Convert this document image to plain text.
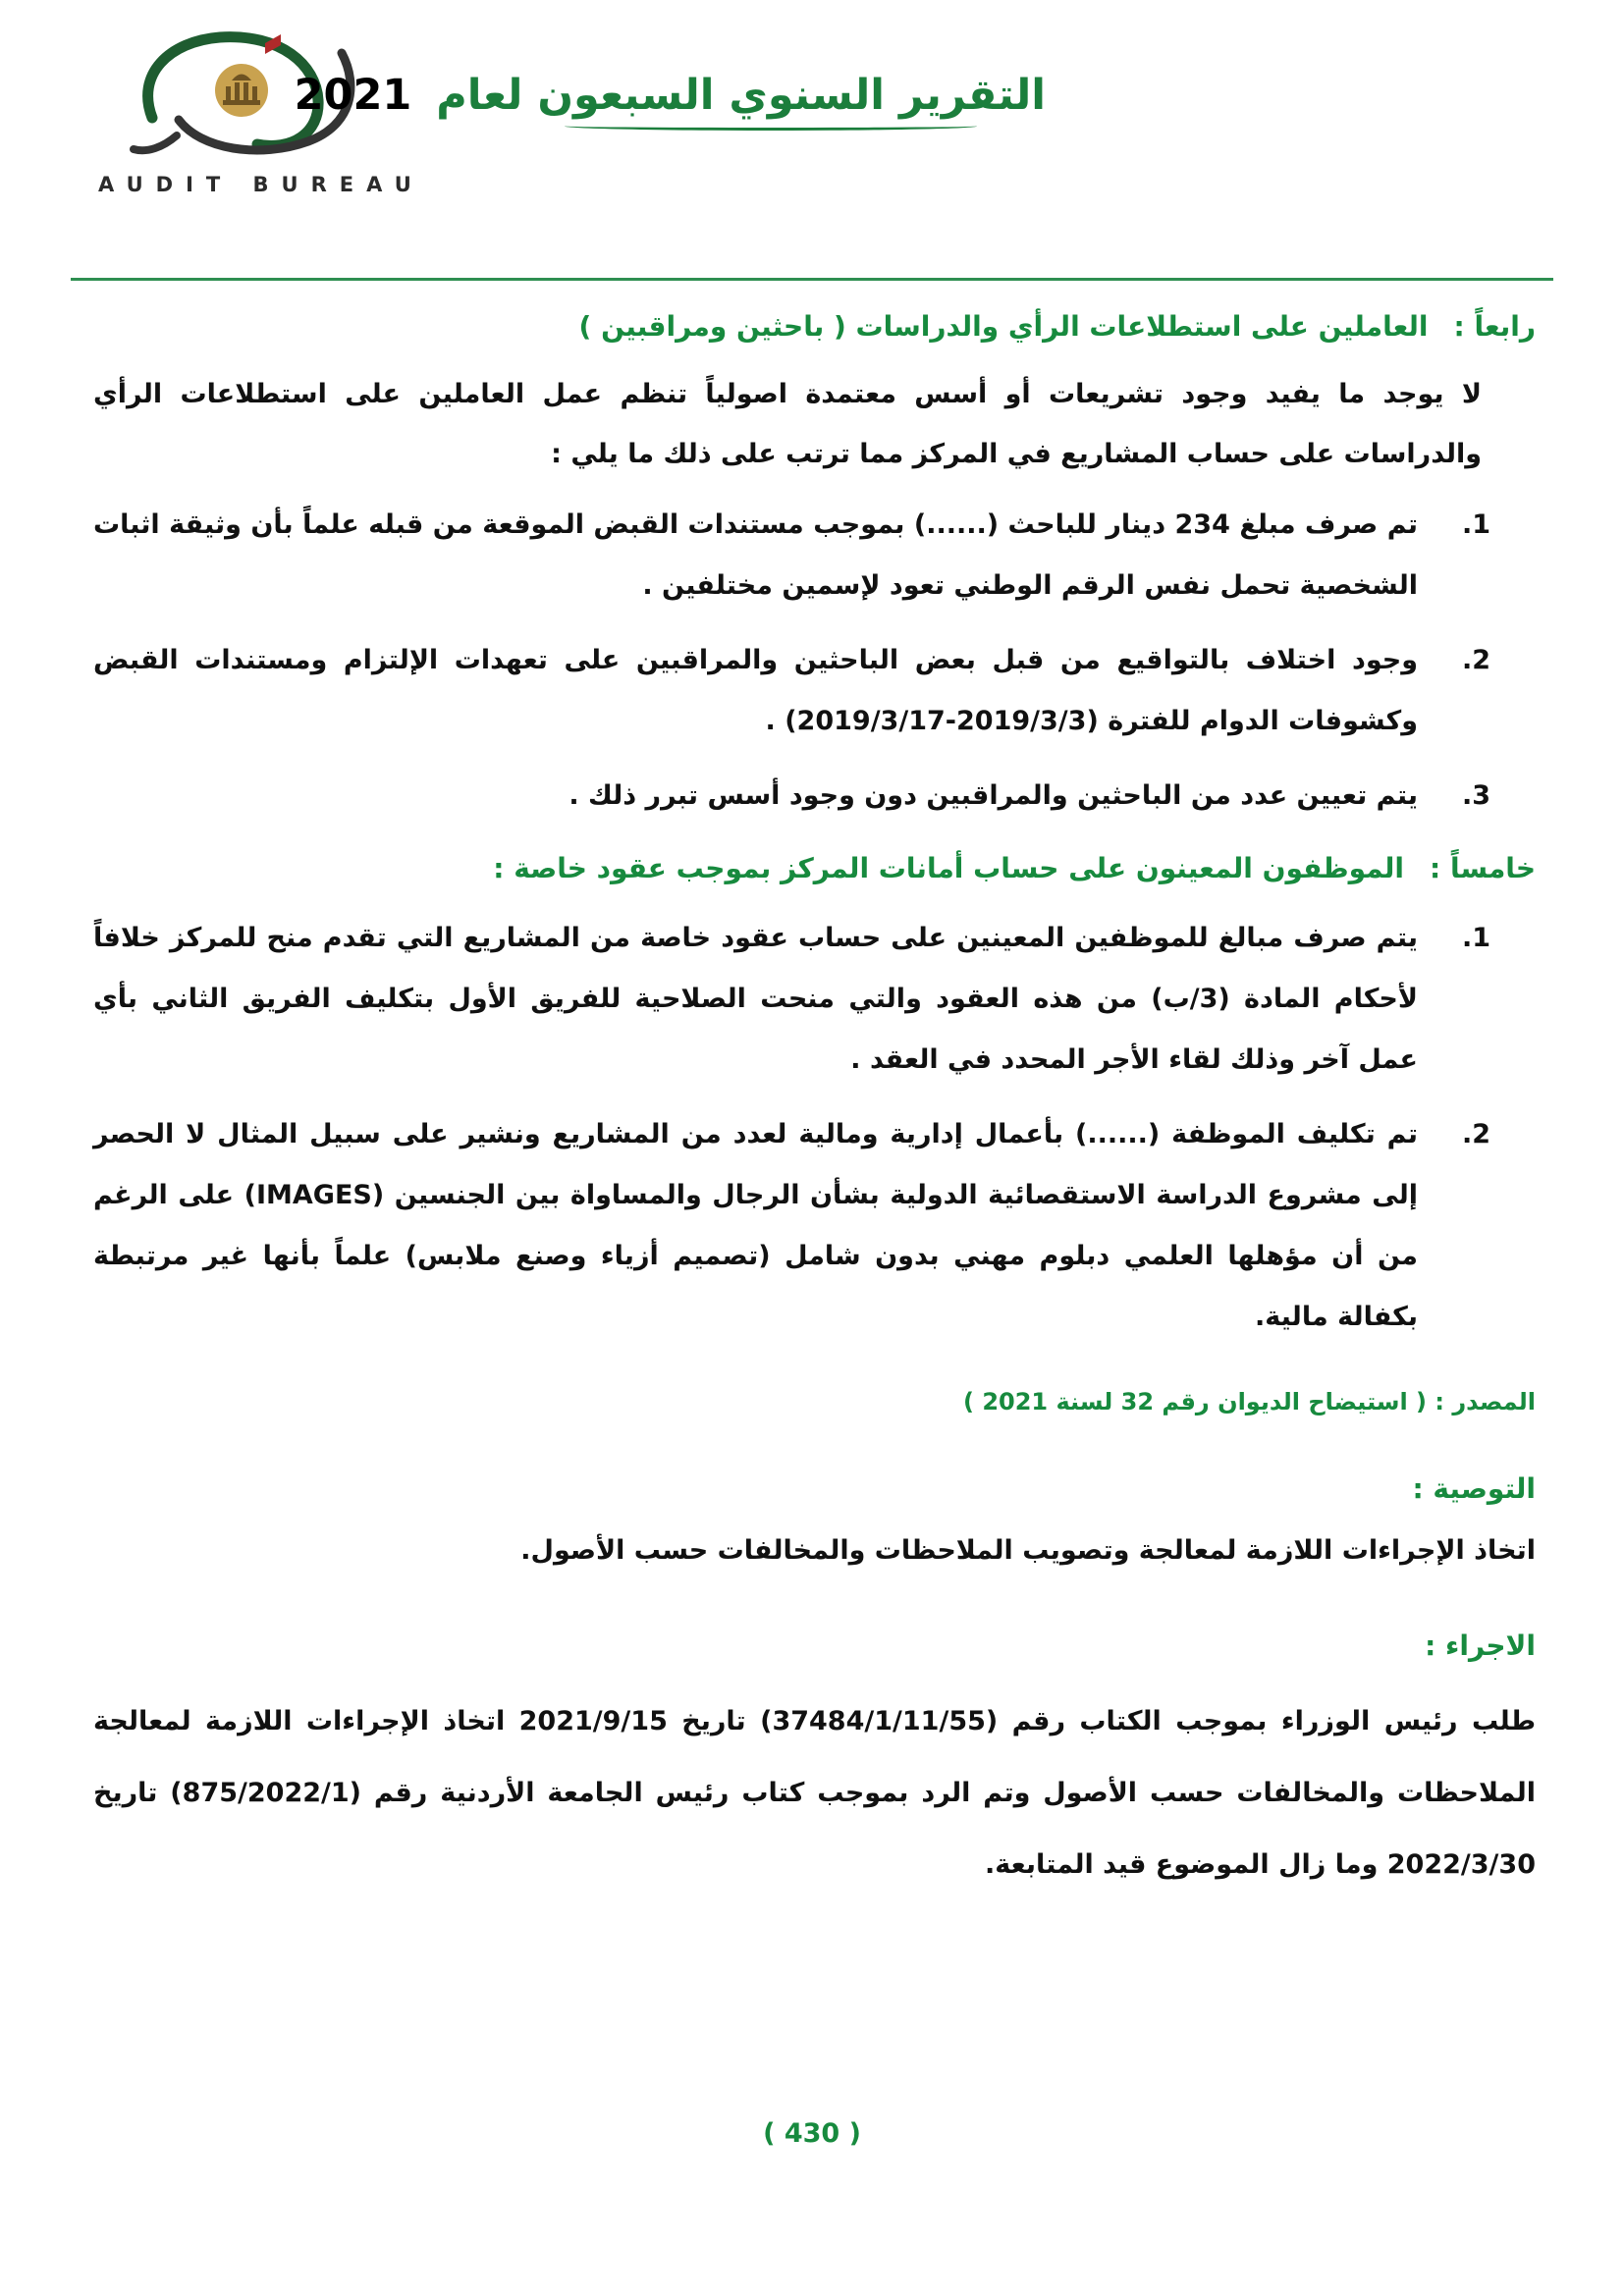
AUDIT BUREAU
التقرير السنوي السبعون لعام 2021
رابعاً :
العاملين على استطلاعات الرأي والدراسات ( باحثين ومراقبين )

لا يوجد ما يفيد وجود تشريعات أو أسس معتمدة اصولياً تنظم عمل العاملين على استطلاعات الرأي والدراسات على حساب المشاريع في المركز مما ترتب على ذلك ما يلي :

1.
تم صرف مبلغ 234 دينار للباحث (......) بموجب مستندات القبض الموقعة من قبله علماً بأن وثيقة اثبات الشخصية تحمل نفس الرقم الوطني تعود لإسمين مختلفين .
2.
وجود اختلاف بالتواقيع من قبل بعض الباحثين والمراقبين على تعهدات الإلتزام ومستندات القبض وكشوفات الدوام للفترة (2019/3/3-2019/3/17) .
3.
يتم تعيين عدد من الباحثين والمراقبين دون وجود أسس تبرر ذلك .
خامساً :
الموظفون المعينون على حساب أمانات المركز بموجب عقود خاصة :
1.
يتم صرف مبالغ للموظفين المعينين على حساب عقود خاصة من المشاريع التي تقدم منح للمركز خلافاً لأحكام المادة (3/ب) من هذه العقود والتي منحت الصلاحية للفريق الأول بتكليف الفريق الثاني بأي عمل آخر وذلك لقاء الأجر المحدد في العقد .
2.
تم تكليف الموظفة (......) بأعمال إدارية ومالية لعدد من المشاريع ونشير على سبيل المثال لا الحصر إلى مشروع الدراسة الاستقصائية الدولية بشأن الرجال والمساواة بين الجنسين (IMAGES) على الرغم من أن مؤهلها العلمي دبلوم مهني بدون شامل (تصميم أزياء وصنع ملابس) علماً بأنها غير مرتبطة بكفالة مالية.
المصدر : ( استيضاح الديوان رقم 32 لسنة 2021 )
التوصية :
اتخاذ الإجراءات اللازمة لمعالجة وتصويب الملاحظات والمخالفات حسب الأصول.
الاجراء :
طلب رئيس الوزراء بموجب الكتاب رقم (37484/1/11/55) تاريخ 2021/9/15 اتخاذ الإجراءات اللازمة لمعالجة الملاحظات والمخالفات حسب الأصول وتم الرد بموجب كتاب رئيس الجامعة الأردنية رقم (875/2022/1) تاريخ 2022/3/30 وما زال الموضوع قيد المتابعة.
( 430 )
